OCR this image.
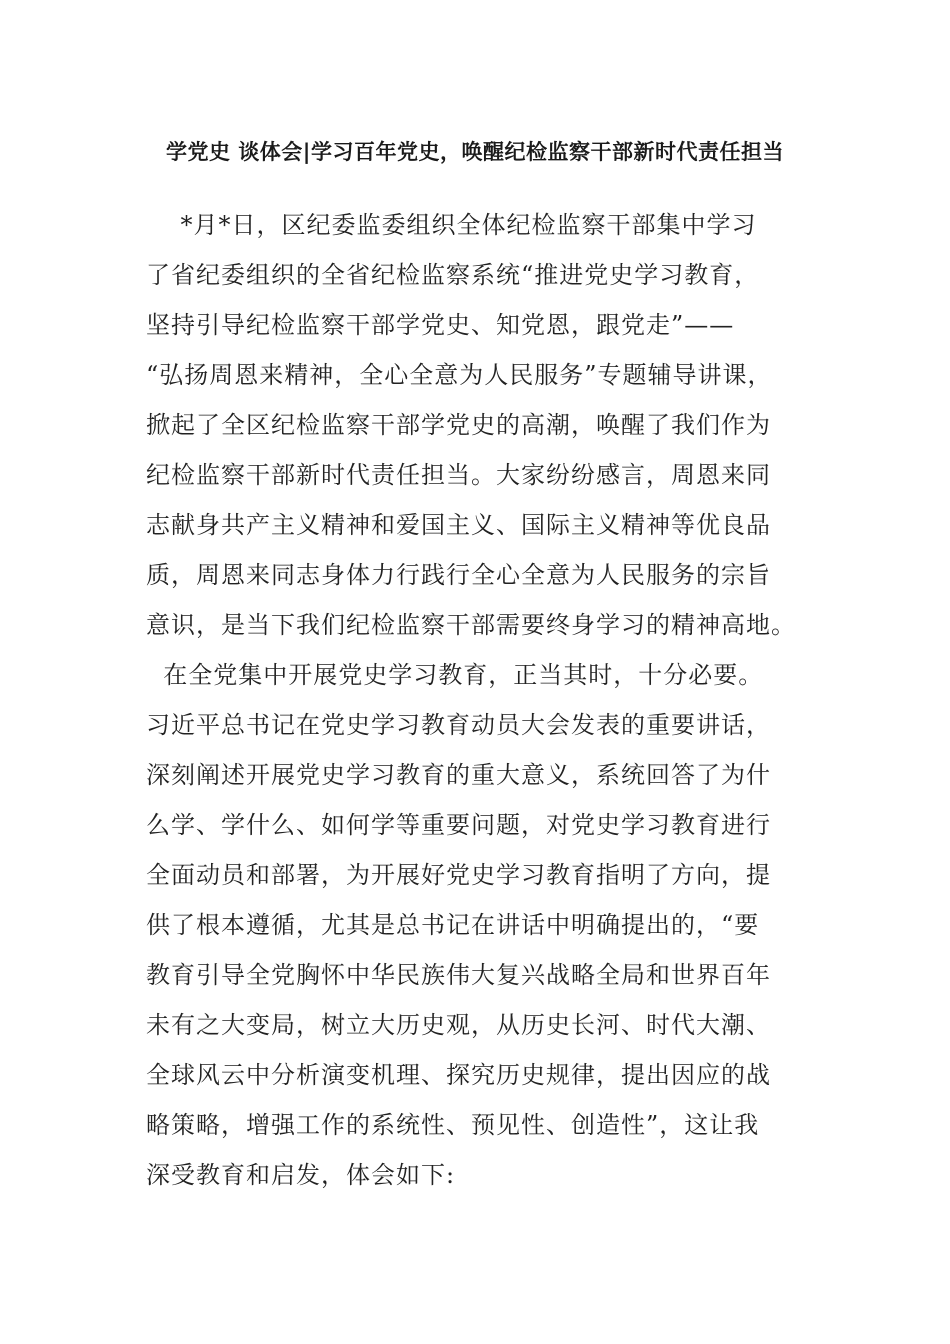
学党史 谈体会|学习百年党史，唤醒纪检监察干部新时代责任担当
*月*日，区纪委监委组织全体纪检监察干部集中学习
了省纪委组织的全省纪检监察系统“推进党史学习教育，
坚持引导纪检监察干部学党史、知党恩，跟党走”——
“弘扬周恩来精神，全心全意为人民服务”专题辅导讲课，
掀起了全区纪检监察干部学党史的高潮，唤醒了我们作为
纪检监察干部新时代责任担当。大家纷纷感言，周恩来同
志献身共产主义精神和爱国主义、国际主义精神等优良品
质，周恩来同志身体力行践行全心全意为人民服务的宗旨
意识，是当下我们纪检监察干部需要终身学习的精神高地。
在全党集中开展党史学习教育，正当其时，十分必要。
习近平总书记在党史学习教育动员大会发表的重要讲话，
深刻阐述开展党史学习教育的重大意义，系统回答了为什
么学、学什么、如何学等重要问题，对党史学习教育进行
全面动员和部署，为开展好党史学习教育指明了方向，提
供了根本遵循，尤其是总书记在讲话中明确提出的，“要
教育引导全党胸怀中华民族伟大复兴战略全局和世界百年
未有之大变局，树立大历史观，从历史长河、时代大潮、
全球风云中分析演变机理、探究历史规律，提出因应的战
略策略，增强工作的系统性、预见性、创造性”，这让我
深受教育和启发，体会如下:
